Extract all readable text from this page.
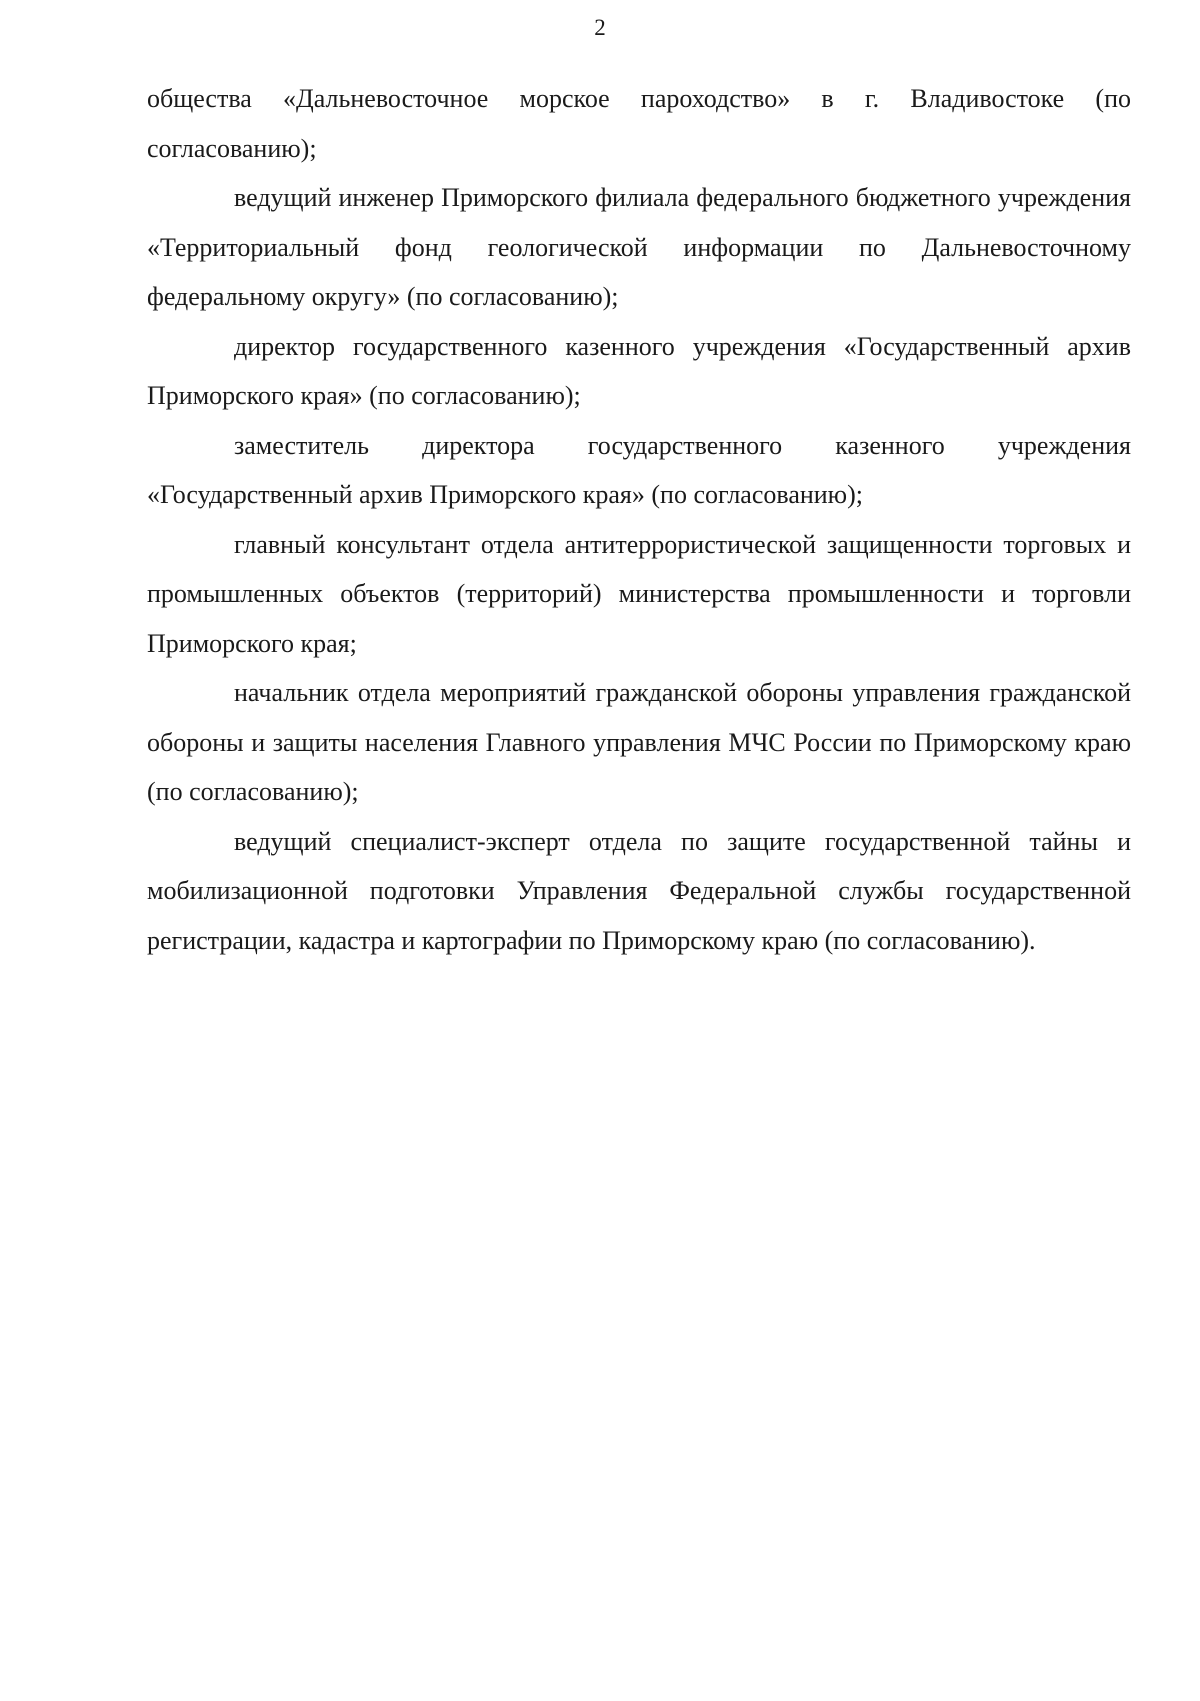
2

общества «Дальневосточное морское пароходство» в г. Владивостоке (по согласованию);

ведущий инженер Приморского филиала федерального бюджетного учреждения «Территориальный фонд геологической информации по Дальневосточному федеральному округу» (по согласованию);

директор государственного казенного учреждения «Государственный архив Приморского края» (по согласованию);

заместитель директора государственного казенного учреждения «Государственный архив Приморского края» (по согласованию);

главный консультант отдела антитеррористической защищенности торговых и промышленных объектов (территорий) министерства промышленности и торговли Приморского края;

начальник отдела мероприятий гражданской обороны управления гражданской обороны и защиты населения Главного управления МЧС России по Приморскому краю (по согласованию);

ведущий специалист-эксперт отдела по защите государственной тайны и мобилизационной подготовки Управления Федеральной службы государственной регистрации, кадастра и картографии по Приморскому краю (по согласованию).
